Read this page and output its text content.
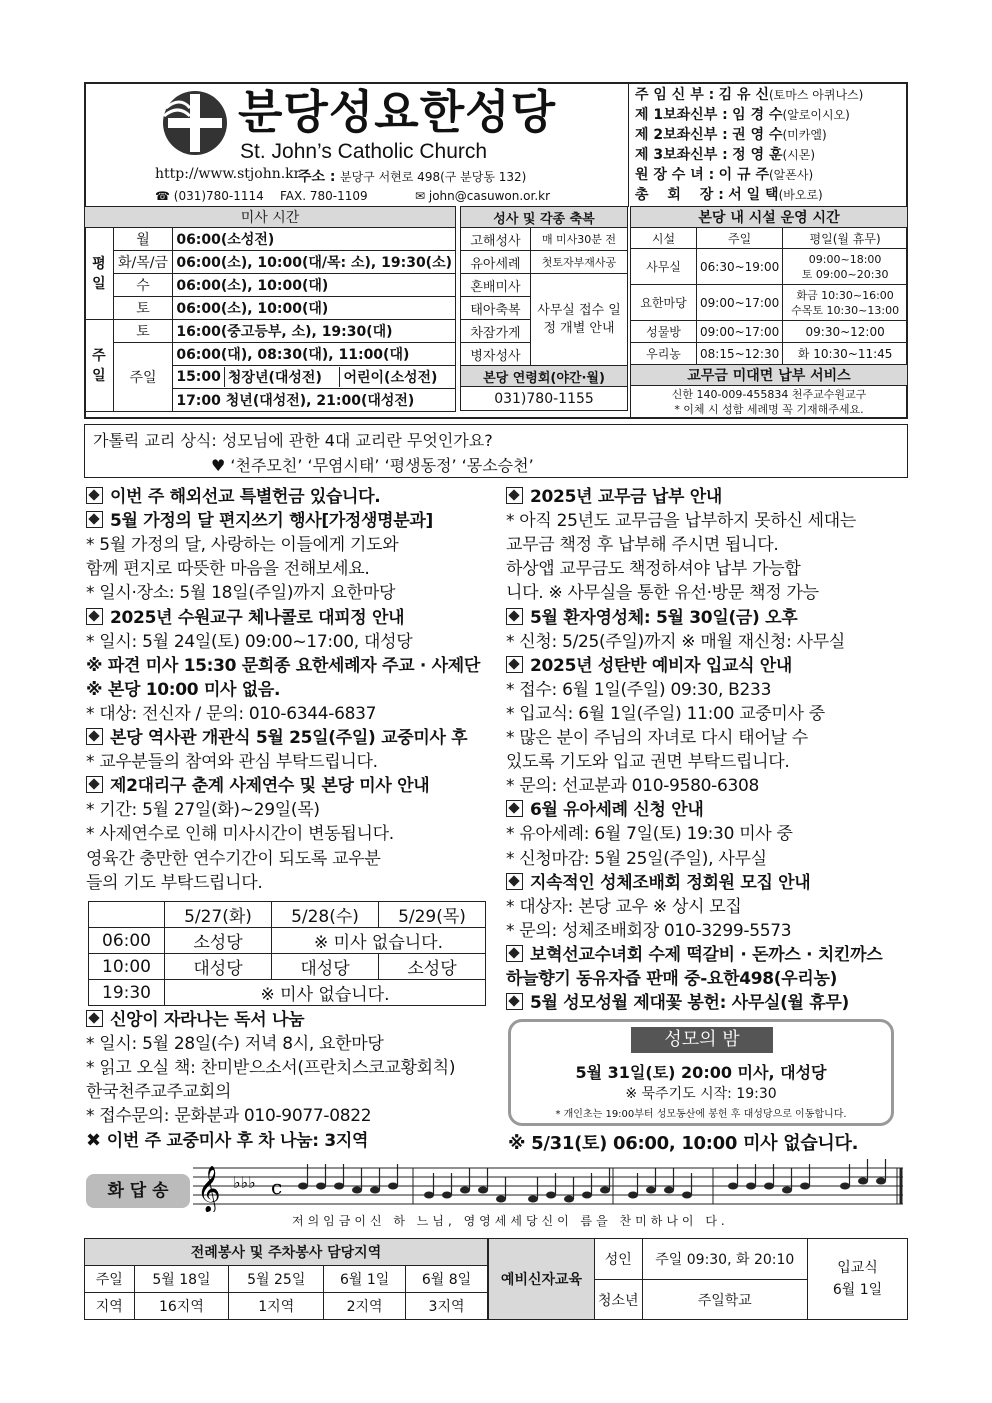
분당성요한성당
St. John’s Catholic Church
http://www.stjohn.kr
주소 : 분당구 서현로 498(구 분당동 132)
☎ (031)780-1114 FAX. 780-1109	✉ john@casuwon.or.kr
주 임 신 부 : 김 유 신(토마스 아퀴나스)
제 1보좌신부 : 임 경 수(알로이시오)
제 2보좌신부 : 권 영 수(미카엘)
제 3보좌신부 : 정 영 훈(시몬)
원 장 수 녀 : 이 규 주(알폰사)
총　 회　 장 : 서 일 택(바오로)
미사 시간
평일	월	06:00(소성전)
화/목/금	06:00(소), 10:00(대/목: 소), 19:30(소)
수	06:00(소), 10:00(대)
토	06:00(소), 10:00(대)
주일	토	16:00(중고등부, 소), 19:30(대)
주일	06:00(대), 08:30(대), 11:00(대)

15:00	청장년(대성전)	어린이(소성전)

17:00 청년(대성전), 21:00(대성전)
성사 및 각종 축복	
고해성사	매 미사30분 전
유아세례	첫토자부재사공
혼배미사	사무실 접수 일정 개별 안내
태아축복	
차잠가게	
병자성사	
본당 연령회(야간·월)	
031)780-1155	
본당 내 시설 운영 시간		
시설	주일	평일(월 휴무)
사무실	06:30~19:00	09:00~18:00
토 09:00~20:30

요한마당	09:00~17:00	화금 10:30~16:00
수목토 10:30~13:00

성물방	09:00~17:00	09:30~12:00
우리농	08:15~12:30	화 10:30~11:45
교무금 미대면 납부 서비스		

신한 140-009-455834 천주교수원교구
* 이체 시 성함 세례명 꼭 기재해주세요.		
가톨릭 교리 상식: 성모님에 관한 4대 교리란 무엇인가요?
♥ ‘천주모친’ ‘무염시태’ ‘평생동정’ ‘몽소승천’
이번 주 해외선교 특별헌금 있습니다.
5월 가정의 달 편지쓰기 행사[가정생명분과]
* 5월 가정의 달, 사랑하는 이들에게 기도와
함께 편지로 따뜻한 마음을 전해보세요.
* 일시·장소: 5월 18일(주일)까지 요한마당
2025년 수원교구 체나콜로 대피정 안내
* 일시: 5월 24일(토) 09:00~17:00, 대성당
※ 파견 미사 15:30 문희종 요한세례자 주교 · 사제단
※ 본당 10:00 미사 없음.
* 대상: 전신자 / 문의: 010-6344-6837
본당 역사관 개관식 5월 25일(주일) 교중미사 후
* 교우분들의 참여와 관심 부탁드립니다.
제2대리구 춘계 사제연수 및 본당 미사 안내
* 기간: 5월 27일(화)~29일(목)
* 사제연수로 인해 미사시간이 변동됩니다.
영육간 충만한 연수기간이 되도록 교우분
들의 기도 부탁드립니다.
	5/27(화)	5/28(수)	5/29(목)
06:00	소성당	※ 미사 없습니다.	
10:00	대성당	대성당	소성당
19:30	※ 미사 없습니다.		
신앙이 자라나는 독서 나눔
* 일시: 5월 28일(수) 저녁 8시, 요한마당
* 읽고 오실 책: 찬미받으소서(프란치스코교황회칙)
한국천주교주교회의
* 접수문의: 문화분과 010-9077-0822
✖ 이번 주 교중미사 후 차 나눔: 3지역
2025년 교무금 납부 안내
* 아직 25년도 교무금을 납부하지 못하신 세대는
교무금 책정 후 납부해 주시면 됩니다.
하상앱 교무금도 책정하셔야 납부 가능합
니다. ※ 사무실을 통한 유선·방문 책정 가능
5월 환자영성체: 5월 30일(금) 오후
* 신청: 5/25(주일)까지 ※ 매월 재신청: 사무실
2025년 성탄반 예비자 입교식 안내
* 접수: 6월 1일(주일) 09:30, B233
* 입교식: 6월 1일(주일) 11:00 교중미사 중
* 많은 분이 주님의 자녀로 다시 태어날 수
있도록 기도와 입교 권면 부탁드립니다.
* 문의: 선교분과 010-9580-6308
6월 유아세례 신청 안내
* 유아세례: 6월 7일(토) 19:30 미사 중
* 신청마감: 5월 25일(주일), 사무실
지속적인 성체조배회 정회원 모집 안내
* 대상자: 본당 교우 ※ 상시 모집
* 문의: 성체조배회장 010-3299-5573
보혁선교수녀회 수제 떡갈비 · 돈까스 · 치킨까스
하늘향기 동유자즙 판매 중-요한498(우리농)
5월 성모성월 제대꽃 봉헌: 사무실(월 휴무)
성모의 밤
5월 31일(토) 20:00 미사, 대성당
※ 묵주기도 시작: 19:30
* 개인초는 19:00부터 성모동산에 봉헌 후 대성당으로 이동합니다.
※ 5/31(토) 06:00, 10:00 미사 없습니다.
화 답 송 𝄞 ♭♭♭ c
저의임금이신 하 느님, 영영세세당신이 름을 찬미하나이 다.
전례봉사 및 주차봉사 담당지역				
주일	5월 18일	5월 25일	6월 1일	6월 8일
지역	16지역	1지역	2지역	3지역
예비신자교육	성인	주일 09:30, 화 20:10	입교식
6월 1일

	청소년	주일학교	
